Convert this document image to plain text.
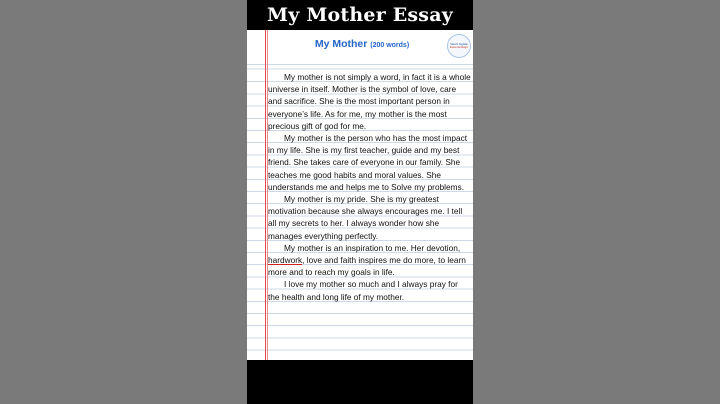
My Mother Essay
My Mother (200 words)	Sakshi Jagdale
Essential Magic

My mother is not simply a word, in fact it is a whole universe in itself. Mother is the symbol of love, care and sacrifice. She is the most important person in everyone’s life. As for me, my mother is the most precious gift of god for me.

My mother is the person who has the most impact in my life. She is my first teacher, guide and my best friend. She takes care of everyone in our family. She teaches me good habits and moral values. She understands me and helps me to Solve my problems.

My mother is my pride. She is my greatest motivation because she always encourages me. I tell all my secrets to her. I always wonder how she manages everything perfectly.

My mother is an inspiration to me. Her devotion, hardwork, love and faith inspires me do more, to learn more and to reach my goals in life.

I love my mother so much and I always pray for the health and long life of my mother.
